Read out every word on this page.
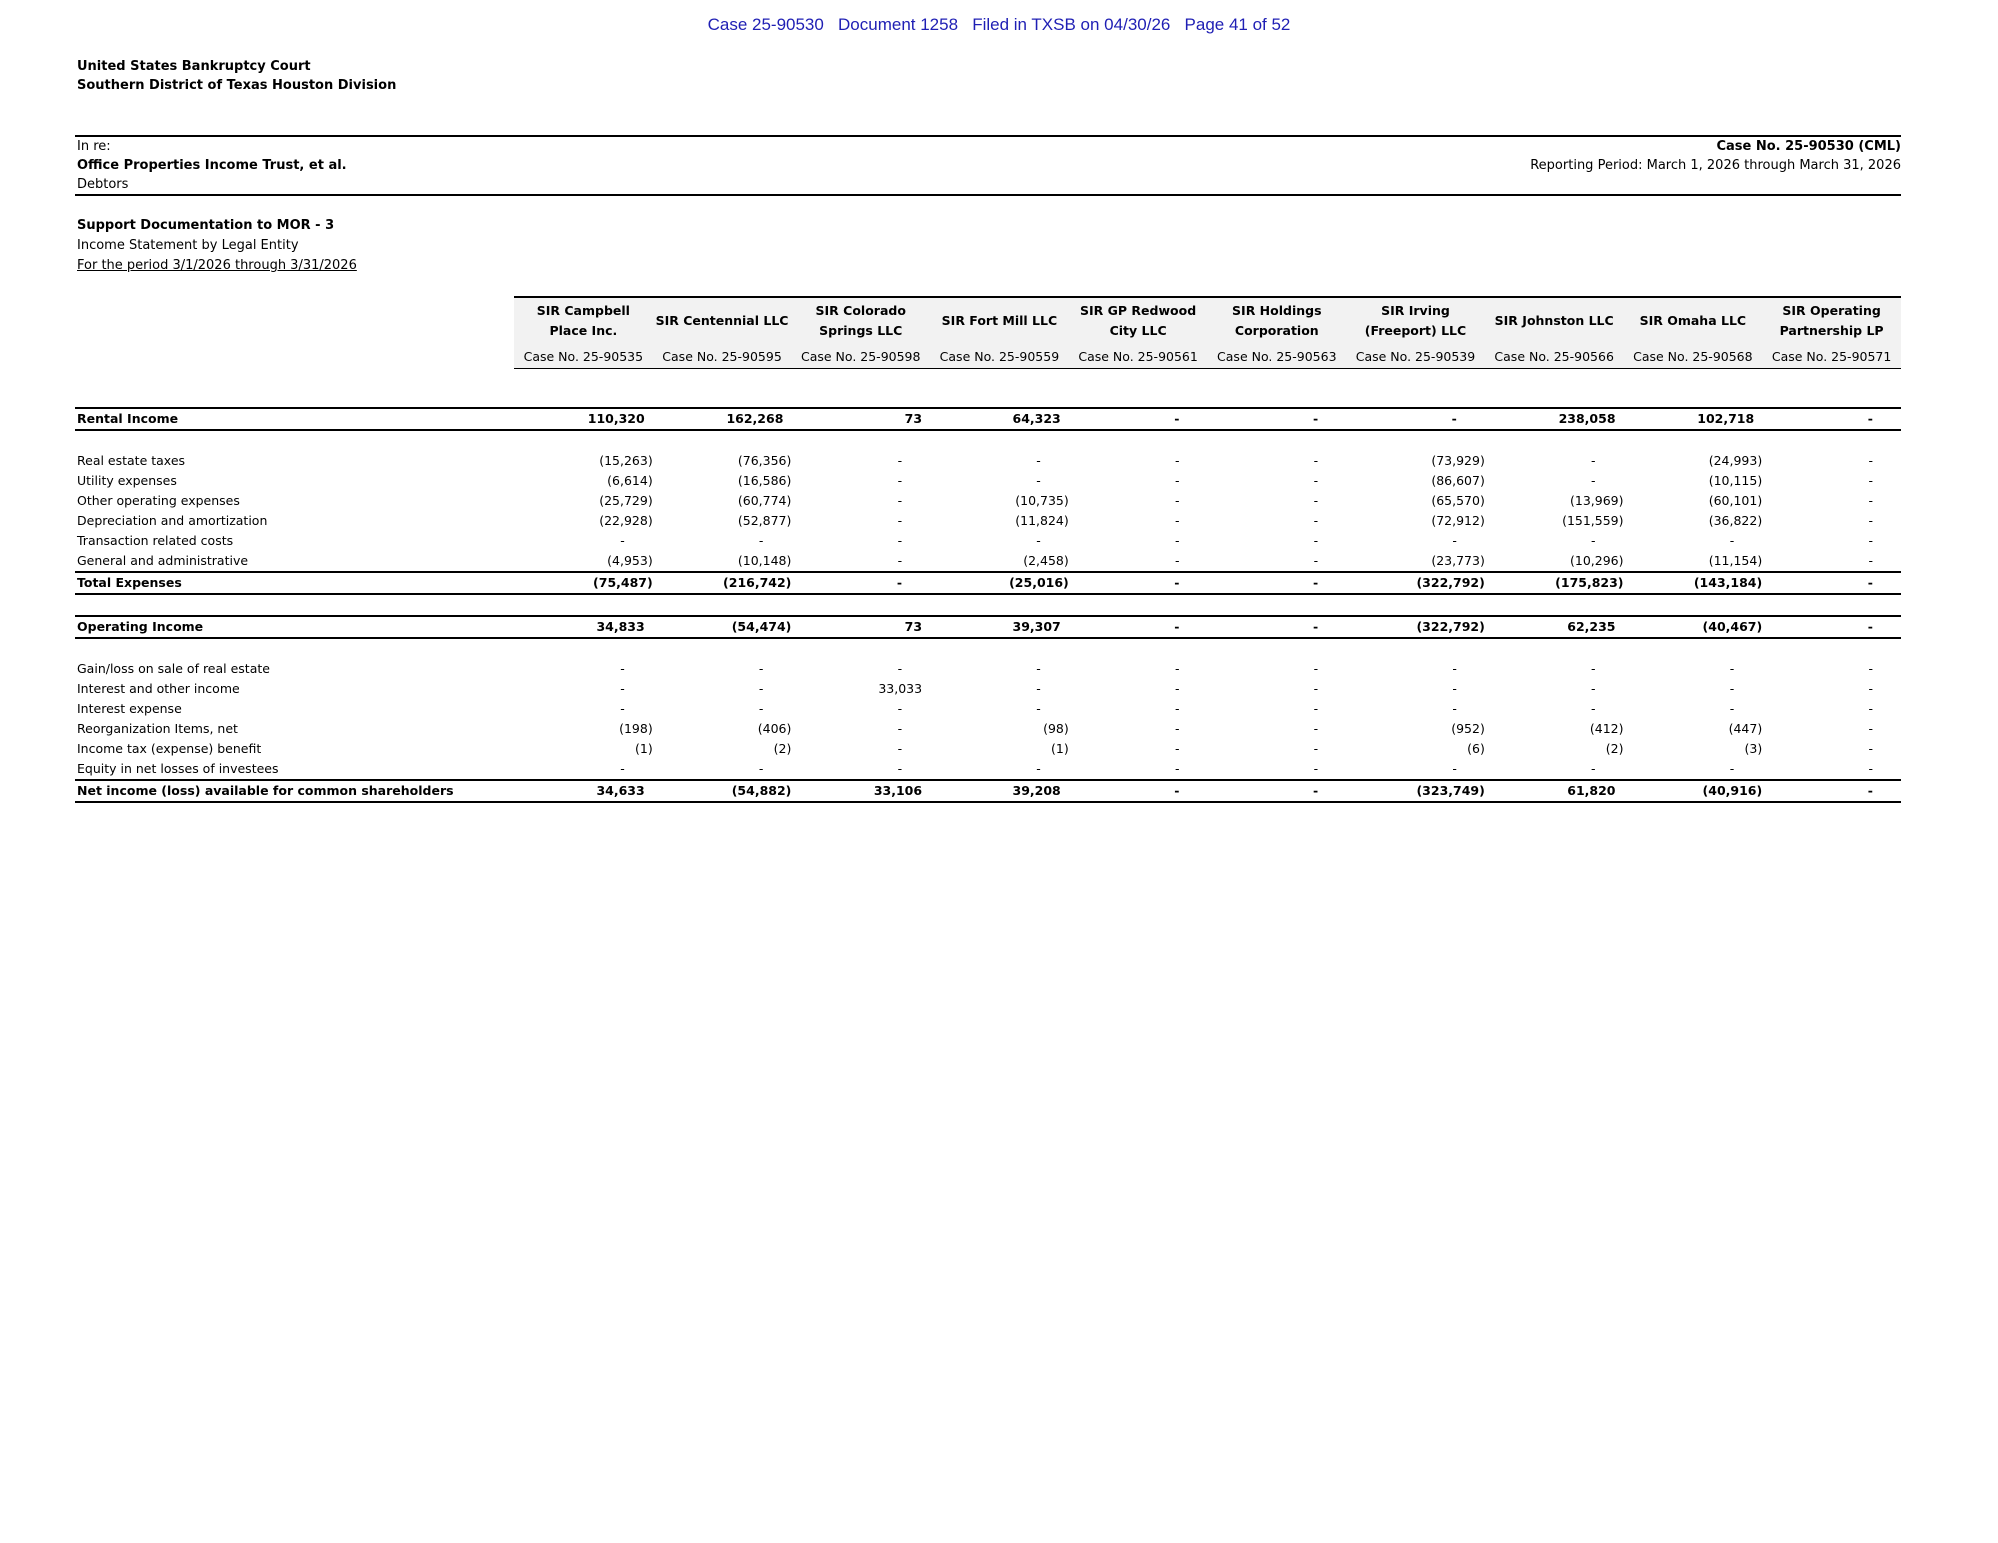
Case 25-90530   Document 1258   Filed in TXSB on 04/30/26   Page 41 of 52
United States Bankruptcy Court
Southern District of Texas Houston Division
In re:
Office Properties Income Trust, et al.
Debtors
Case No. 25-90530 (CML)
Reporting Period: March 1, 2026 through March 31, 2026
Support Documentation to MOR - 3
Income Statement by Legal Entity
For the period 3/1/2026 through 3/31/2026
	SIR Campbell Place Inc.	SIR Centennial LLC	SIR Colorado Springs LLC	SIR Fort Mill LLC	SIR GP Redwood City LLC	SIR Holdings Corporation	SIR Irving (Freeport) LLC	SIR Johnston LLC	SIR Omaha LLC	SIR Operating Partnership LP
	Case No. 25-90535	Case No. 25-90595	Case No. 25-90598	Case No. 25-90559	Case No. 25-90561	Case No. 25-90563	Case No. 25-90539	Case No. 25-90566	Case No. 25-90568	Case No. 25-90571

Rental Income	110,320	162,268	73	64,323	-	-	-	238,058	102,718	-

Real estate taxes	(15,263)	(76,356)	-	-	-	-	(73,929)	-	(24,993)	-
Utility expenses	(6,614)	(16,586)	-	-	-	-	(86,607)	-	(10,115)	-
Other operating expenses	(25,729)	(60,774)	-	(10,735)	-	-	(65,570)	(13,969)	(60,101)	-
Depreciation and amortization	(22,928)	(52,877)	-	(11,824)	-	-	(72,912)	(151,559)	(36,822)	-
Transaction related costs	-	-	-	-	-	-	-	-	-	-
General and administrative	(4,953)	(10,148)	-	(2,458)	-	-	(23,773)	(10,296)	(11,154)	-
Total Expenses	(75,487)	(216,742)	-	(25,016)	-	-	(322,792)	(175,823)	(143,184)	-

Operating Income	34,833	(54,474)	73	39,307	-	-	(322,792)	62,235	(40,467)	-

Gain/loss on sale of real estate	-	-	-	-	-	-	-	-	-	-
Interest and other income	-	-	33,033	-	-	-	-	-	-	-
Interest expense	-	-	-	-	-	-	-	-	-	-
Reorganization Items, net	(198)	(406)	-	(98)	-	-	(952)	(412)	(447)	-
Income tax (expense) benefit	(1)	(2)	-	(1)	-	-	(6)	(2)	(3)	-
Equity in net losses of investees	-	-	-	-	-	-	-	-	-	-
Net income (loss) available for common shareholders	34,633	(54,882)	33,106	39,208	-	-	(323,749)	61,820	(40,916)	-
